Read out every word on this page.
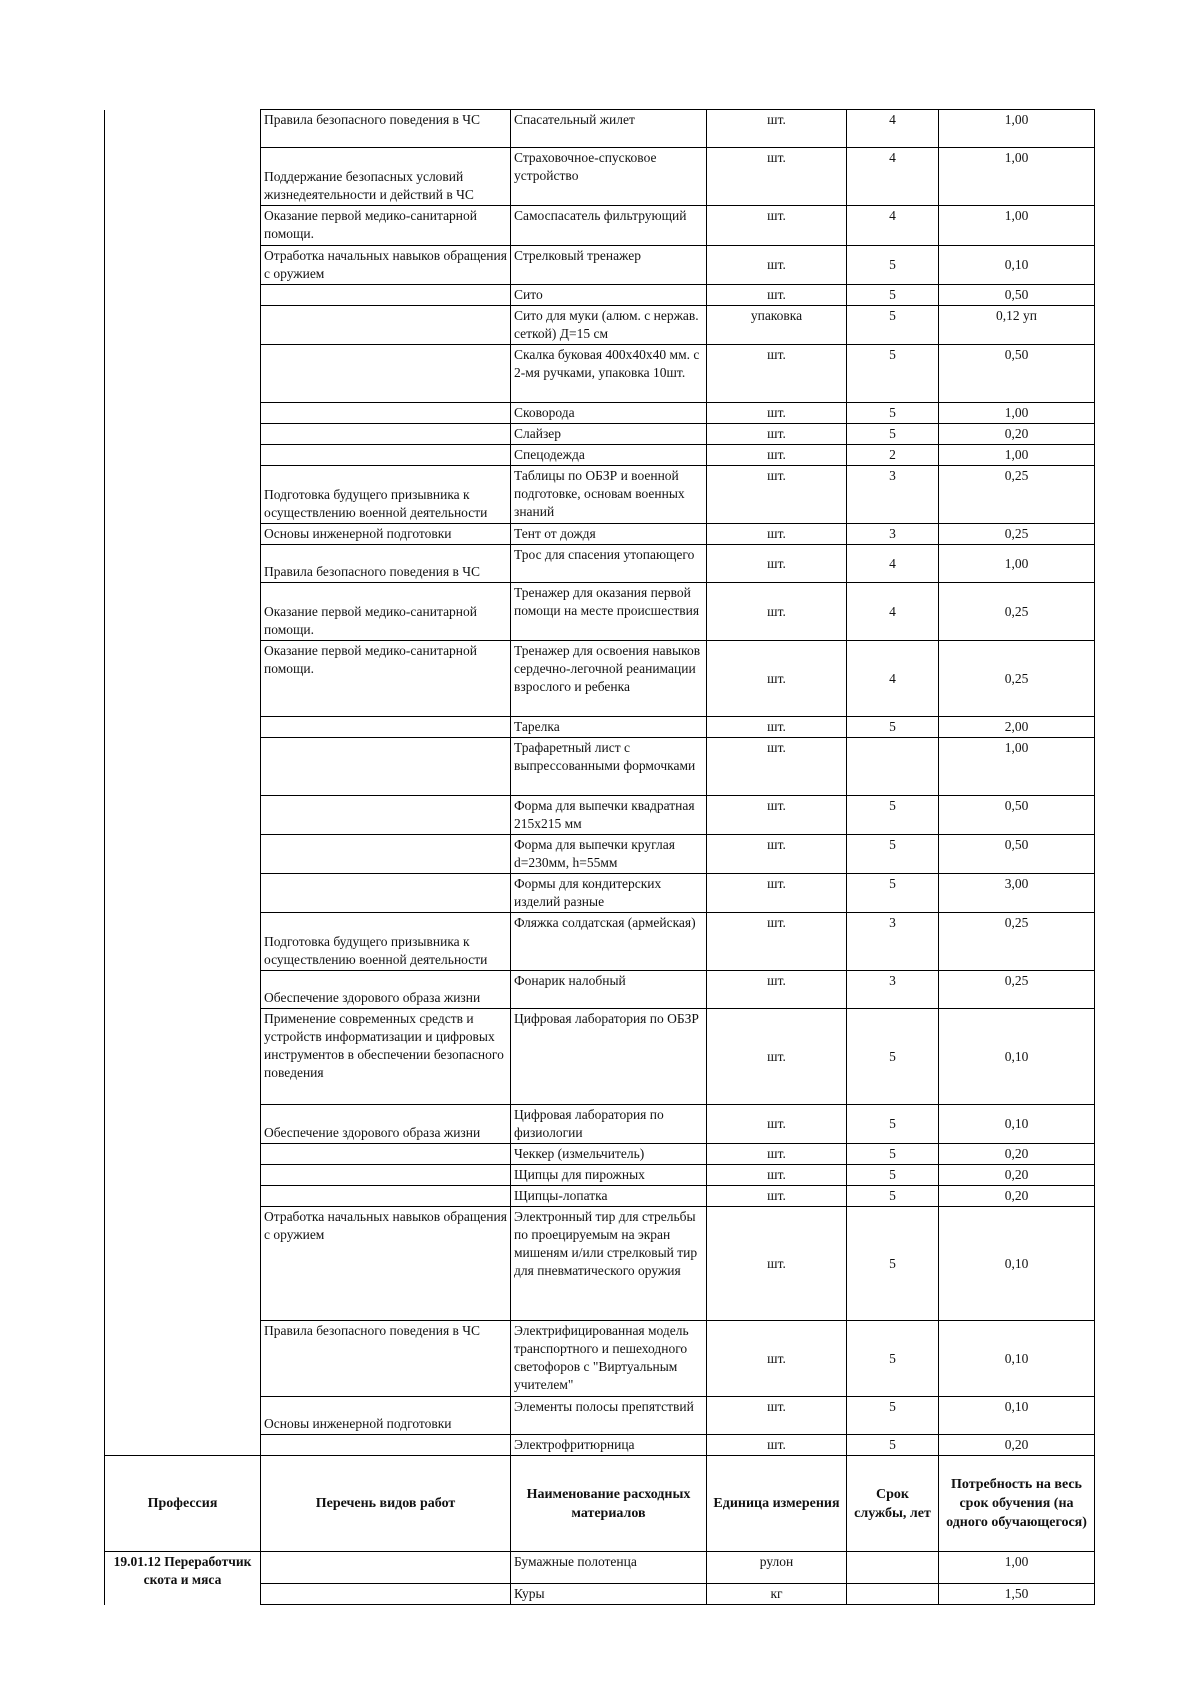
	Правила безопасного поведения в ЧС	Спасательный жилет	шт.	4	1,00
	Поддержание безопасных условий жизнедеятельности и действий в ЧС	Страховочное-спусковое устройство	шт.	4	1,00
	Оказание первой медико-санитарной помощи.	Самоспасатель фильтрующий	шт.	4	1,00
	Отработка начальных навыков обращения с оружием	Стрелковый тренажер	шт.	5	0,10
		Сито	шт.	5	0,50
		Сито для муки (алюм. с нержав. сеткой) Д=15 см	упаковка	5	0,12 уп
		Скалка буковая 400х40х40 мм. с 2-мя ручками, упаковка 10шт.	шт.	5	0,50
		Сковорода	шт.	5	1,00
		Слайзер	шт.	5	0,20
		Спецодежда	шт.	2	1,00
	Подготовка будущего призывника к осуществлению военной деятельности	Таблицы по ОБЗР и военной подготовке, основам военных знаний	шт.	3	0,25
	Основы инженерной подготовки	Тент от дождя	шт.	3	0,25
	Правила безопасного поведения в ЧС	Трос для спасения утопающего	шт.	4	1,00
	Оказание первой медико-санитарной помощи.	Тренажер для оказания первой помощи на месте происшествия	шт.	4	0,25
	Оказание первой медико-санитарной помощи.	Тренажер для освоения навыков сердечно-легочной реанимации взрослого и ребенка	шт.	4	0,25
		Тарелка	шт.	5	2,00
		Трафаретный лист с выпрессованными формочками	шт.		1,00
		Форма для выпечки квадратная 215х215 мм	шт.	5	0,50
		Форма для выпечки круглая d=230мм, h=55мм	шт.	5	0,50
		Формы для кондитерских изделий разные	шт.	5	3,00
	Подготовка будущего призывника к осуществлению военной деятельности	Фляжка солдатская (армейская)	шт.	3	0,25
	Обеспечение здорового образа жизни	Фонарик налобный	шт.	3	0,25
	Применение современных средств и устройств информатизации и цифровых инструментов в обеспечении безопасного поведения	Цифровая лаборатория по ОБЗР	шт.	5	0,10
	Обеспечение здорового образа жизни	Цифровая лаборатория по физиологии	шт.	5	0,10
		Чеккер (измельчитель)	шт.	5	0,20
		Щипцы для пирожных	шт.	5	0,20
		Щипцы-лопатка	шт.	5	0,20
	Отработка начальных навыков обращения с оружием	Электронный тир для стрельбы по проецируемым на экран мишеням и/или стрелковый тир для пневматического оружия	шт.	5	0,10
	Правила безопасного поведения в ЧС	Электрифицированная модель транспортного и пешеходного светофоров с "Виртуальным учителем"	шт.	5	0,10
	Основы инженерной подготовки	Элементы полосы препятствий	шт.	5	0,10
		Электрофритюрница	шт.	5	0,20
Профессия	Перечень видов работ	Наименование расходных материалов	Единица измерения	Срок службы, лет	Потребность на весь срок обучения (на одного обучающегося)
19.01.12 Переработчик скота и мяса		Бумажные полотенца	рулон		1,00
		Куры	кг		1,50
